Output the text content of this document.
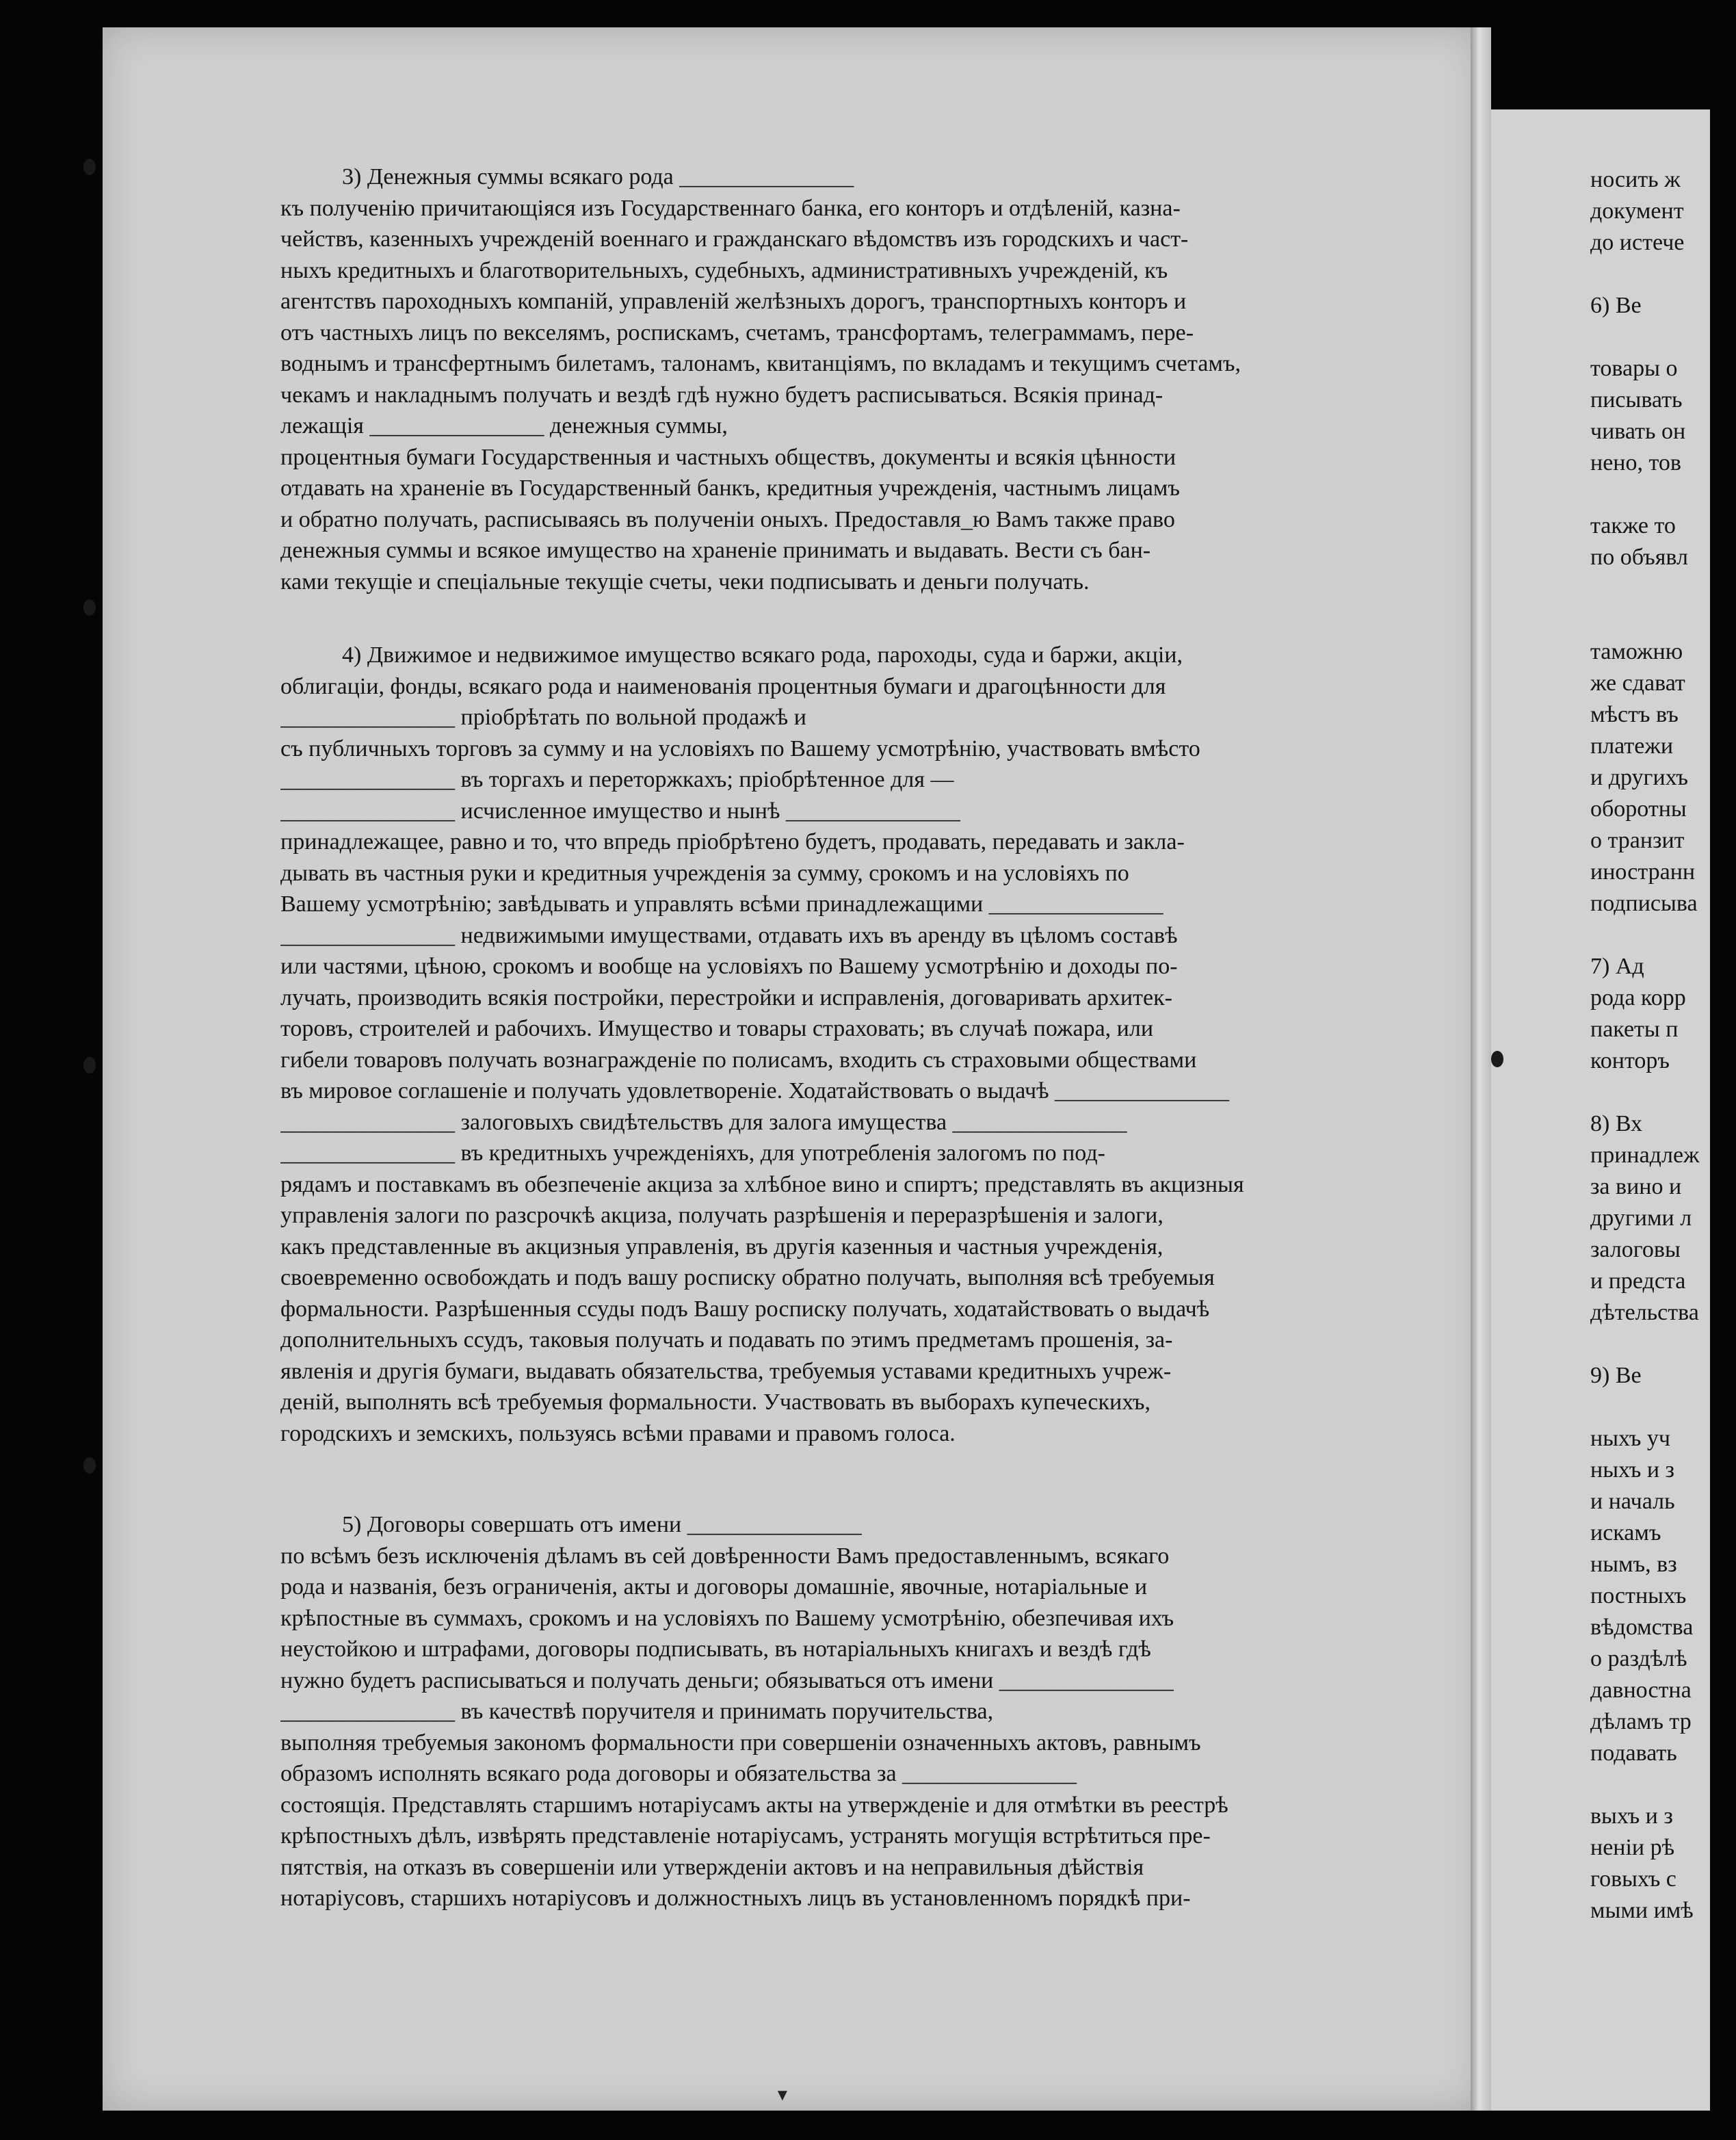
3) Денежныя суммы всякаго рода _______________
къ полученію причитающіяся изъ Государственнаго банка, его конторъ и отдѣленій, казна-
чействъ, казенныхъ учрежденій военнаго и гражданскаго вѣдомствъ изъ городскихъ и част-
ныхъ кредитныхъ и благотворительныхъ, судебныхъ, административныхъ учрежденій, къ
агентствъ пароходныхъ компаній, управленій желѣзныхъ дорогъ, транспортныхъ конторъ и
отъ частныхъ лицъ по векселямъ, роспискамъ, счетамъ, трансфортамъ, телеграммамъ, пере-
воднымъ и трансфертнымъ билетамъ, талонамъ, квитанціямъ, по вкладамъ и текущимъ счетамъ,
чекамъ и накладнымъ получать и вездѣ гдѣ нужно будетъ расписываться. Всякія принад-
лежащія _______________ денежныя суммы,
процентныя бумаги Государственныя и частныхъ обществъ, документы и всякія цѣнности
отдавать на храненіе въ Государственный банкъ, кредитныя учрежденія, частнымъ лицамъ
и обратно получать, расписываясь въ полученіи оныхъ. Предоставля_ю Вамъ также право
денежныя суммы и всякое имущество на храненіе принимать и выдавать. Вести съ бан-
ками текущіе и спеціальные текущіе счеты, чеки подписывать и деньги получать.
4) Движимое и недвижимое имущество всякаго рода, пароходы, суда и баржи, акціи,
облигаціи, фонды, всякаго рода и наименованія процентныя бумаги и драгоцѣнности для
_______________ пріобрѣтать по вольной продажѣ и
съ публичныхъ торговъ за сумму и на условіяхъ по Вашему усмотрѣнію, участвовать вмѣсто
_______________ въ торгахъ и переторжкахъ; пріобрѣтенное для —
_______________ исчисленное имущество и нынѣ _______________
принадлежащее, равно и то, что впредь пріобрѣтено будетъ, продавать, передавать и закла-
дывать въ частныя руки и кредитныя учрежденія за сумму, срокомъ и на условіяхъ по
Вашему усмотрѣнію; завѣдывать и управлять всѣми принадлежащими _______________
_______________ недвижимыми имуществами, отдавать ихъ въ аренду въ цѣломъ составѣ
или частями, цѣною, срокомъ и вообще на условіяхъ по Вашему усмотрѣнію и доходы по-
лучать, производить всякія постройки, перестройки и исправленія, договаривать архитек-
торовъ, строителей и рабочихъ. Имущество и товары страховать; въ случаѣ пожара, или
гибели товаровъ получать вознагражденіе по полисамъ, входить съ страховыми обществами
въ мировое соглашеніе и получать удовлетвореніе. Ходатайствовать о выдачѣ _______________
_______________ залоговыхъ свидѣтельствъ для залога имущества _______________
_______________ въ кредитныхъ учрежденіяхъ, для употребленія залогомъ по под-
рядамъ и поставкамъ въ обезпеченіе акциза за хлѣбное вино и спиртъ; представлять въ акцизныя
управленія залоги по разсрочкѣ акциза, получать разрѣшенія и переразрѣшенія и залоги,
какъ представленные въ акцизныя управленія, въ другія казенныя и частныя учрежденія,
своевременно освобождать и подъ вашу росписку обратно получать, выполняя всѣ требуемыя
формальности. Разрѣшенныя ссуды подъ Вашу росписку получать, ходатайствовать о выдачѣ
дополнительныхъ ссудъ, таковыя получать и подавать по этимъ предметамъ прошенія, за-
явленія и другія бумаги, выдавать обязательства, требуемыя уставами кредитныхъ учреж-
деній, выполнять всѣ требуемыя формальности. Участвовать въ выборахъ купеческихъ,
городскихъ и земскихъ, пользуясь всѣми правами и правомъ голоса.
5) Договоры совершать отъ имени _______________
по всѣмъ безъ исключенія дѣламъ въ сей довѣренности Вамъ предоставленнымъ, всякаго
рода и названія, безъ ограниченія, акты и договоры домашніе, явочные, нотаріальные и
крѣпостные въ суммахъ, срокомъ и на условіяхъ по Вашему усмотрѣнію, обезпечивая ихъ
неустойкою и штрафами, договоры подписывать, въ нотаріальныхъ книгахъ и вездѣ гдѣ
нужно будетъ расписываться и получать деньги; обязываться отъ имени _______________
_______________ въ качествѣ поручителя и принимать поручительства,
выполняя требуемыя закономъ формальности при совершеніи означенныхъ актовъ, равнымъ
образомъ исполнять всякаго рода договоры и обязательства за _______________
состоящія. Представлять старшимъ нотаріусамъ акты на утвержденіе и для отмѣтки въ реестрѣ
крѣпостныхъ дѣлъ, извѣрять представленіе нотаріусамъ, устранять могущія встрѣтиться пре-
пятствія, на отказъ въ совершеніи или утвержденіи актовъ и на неправильныя дѣйствія
нотаріусовъ, старшихъ нотаріусовъ и должностныхъ лицъ въ установленномъ порядкѣ при-
носить ж
документ
до истече
6) Ве
товары о
писывать
чивать он
нено, тов
также то
по объявл
таможню
же сдават
мѣстъ въ
платежи
и другихъ
оборотны
о транзит
иностранн
подписыва
7) Ад
рода корр
пакеты п
конторъ
8) Вх
принадлеж
за вино и
другими л
залоговы
и предста
дѣтельства
9) Ве
ныхъ уч
ныхъ и з
и началь
искамъ
нымъ, вз
постныхъ
вѣдомства
о раздѣлѣ
давностна
дѣламъ тр
подавать
выхъ и з
неніи рѣ
говыхъ с
мыми имѣ
▼
